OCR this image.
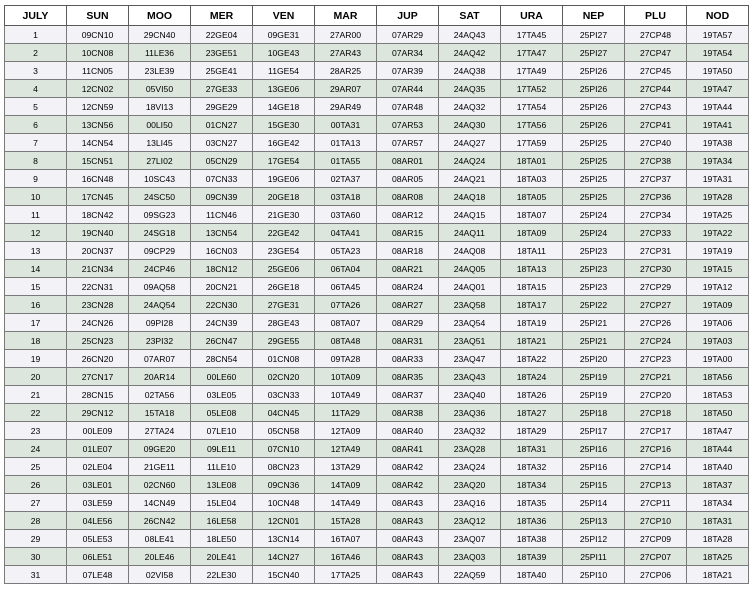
JULY	SUN	MOO	MER	VEN	MAR	JUP	SAT	URA	NEP	PLU	NOD
1	09CN10	29CN40	22GE04	09GE31	27AR00	07AR29	24AQ43	17TA45	25PI27	27CP48	19TA57
2	10CN08	11LE36	23GE51	10GE43	27AR43	07AR34	24AQ42	17TA47	25PI27	27CP47	19TA54
3	11CN05	23LE39	25GE41	11GE54	28AR25	07AR39	24AQ38	17TA49	25PI26	27CP45	19TA50
4	12CN02	05VI50	27GE33	13GE06	29AR07	07AR44	24AQ35	17TA52	25PI26	27CP44	19TA47
5	12CN59	18VI13	29GE29	14GE18	29AR49	07AR48	24AQ32	17TA54	25PI26	27CP43	19TA44
6	13CN56	00LI50	01CN27	15GE30	00TA31	07AR53	24AQ30	17TA56	25PI26	27CP41	19TA41
7	14CN54	13LI45	03CN27	16GE42	01TA13	07AR57	24AQ27	17TA59	25PI25	27CP40	19TA38
8	15CN51	27LI02	05CN29	17GE54	01TA55	08AR01	24AQ24	18TA01	25PI25	27CP38	19TA34
9	16CN48	10SC43	07CN33	19GE06	02TA37	08AR05	24AQ21	18TA03	25PI25	27CP37	19TA31
10	17CN45	24SC50	09CN39	20GE18	03TA18	08AR08	24AQ18	18TA05	25PI25	27CP36	19TA28
11	18CN42	09SG23	11CN46	21GE30	03TA60	08AR12	24AQ15	18TA07	25PI24	27CP34	19TA25
12	19CN40	24SG18	13CN54	22GE42	04TA41	08AR15	24AQ11	18TA09	25PI24	27CP33	19TA22
13	20CN37	09CP29	16CN03	23GE54	05TA23	08AR18	24AQ08	18TA11	25PI23	27CP31	19TA19
14	21CN34	24CP46	18CN12	25GE06	06TA04	08AR21	24AQ05	18TA13	25PI23	27CP30	19TA15
15	22CN31	09AQ58	20CN21	26GE18	06TA45	08AR24	24AQ01	18TA15	25PI23	27CP29	19TA12
16	23CN28	24AQ54	22CN30	27GE31	07TA26	08AR27	23AQ58	18TA17	25PI22	27CP27	19TA09
17	24CN26	09PI28	24CN39	28GE43	08TA07	08AR29	23AQ54	18TA19	25PI21	27CP26	19TA06
18	25CN23	23PI32	26CN47	29GE55	08TA48	08AR31	23AQ51	18TA21	25PI21	27CP24	19TA03
19	26CN20	07AR07	28CN54	01CN08	09TA28	08AR33	23AQ47	18TA22	25PI20	27CP23	19TA00
20	27CN17	20AR14	00LE60	02CN20	10TA09	08AR35	23AQ43	18TA24	25PI19	27CP21	18TA56
21	28CN15	02TA56	03LE05	03CN33	10TA49	08AR37	23AQ40	18TA26	25PI19	27CP20	18TA53
22	29CN12	15TA18	05LE08	04CN45	11TA29	08AR38	23AQ36	18TA27	25PI18	27CP18	18TA50
23	00LE09	27TA24	07LE10	05CN58	12TA09	08AR40	23AQ32	18TA29	25PI17	27CP17	18TA47
24	01LE07	09GE20	09LE11	07CN10	12TA49	08AR41	23AQ28	18TA31	25PI16	27CP16	18TA44
25	02LE04	21GE11	11LE10	08CN23	13TA29	08AR42	23AQ24	18TA32	25PI16	27CP14	18TA40
26	03LE01	02CN60	13LE08	09CN36	14TA09	08AR42	23AQ20	18TA34	25PI15	27CP13	18TA37
27	03LE59	14CN49	15LE04	10CN48	14TA49	08AR43	23AQ16	18TA35	25PI14	27CP11	18TA34
28	04LE56	26CN42	16LE58	12CN01	15TA28	08AR43	23AQ12	18TA36	25PI13	27CP10	18TA31
29	05LE53	08LE41	18LE50	13CN14	16TA07	08AR43	23AQ07	18TA38	25PI12	27CP09	18TA28
30	06LE51	20LE46	20LE41	14CN27	16TA46	08AR43	23AQ03	18TA39	25PI11	27CP07	18TA25
31	07LE48	02VI58	22LE30	15CN40	17TA25	08AR43	22AQ59	18TA40	25PI10	27CP06	18TA21
